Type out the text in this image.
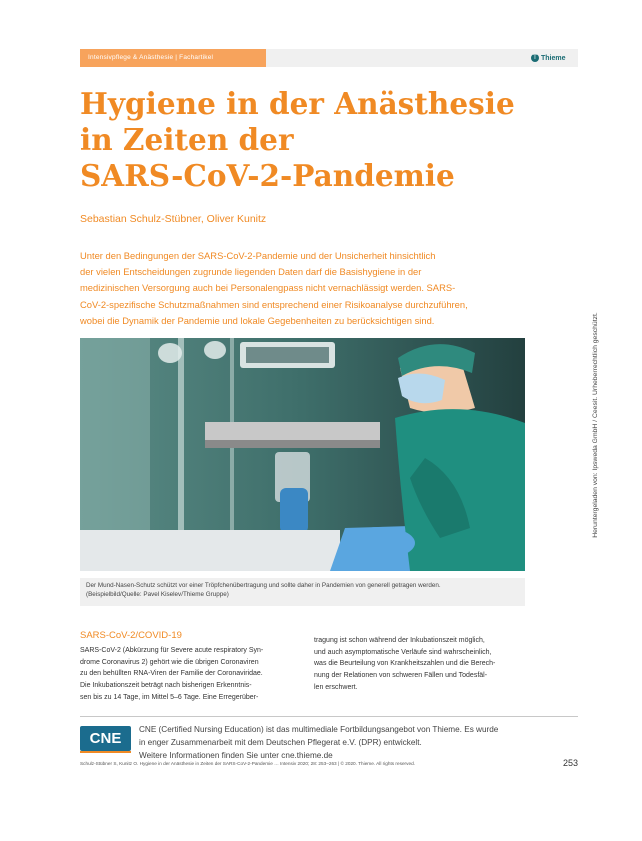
Intensivpflege & Anästhesie | Fachartikel	T Thieme
Hygiene in der Anästhesie
in Zeiten der
SARS-CoV-2-Pandemie
Sebastian Schulz-Stübner, Oliver Kunitz

Unter den Bedingungen der SARS-CoV-2-Pandemie und der Unsicherheit hinsichtlich
der vielen Entscheidungen zugrunde liegenden Daten darf die Basishygiene in der
medizinischen Versorgung auch bei Personalengpass nicht vernachlässigt werden. SARS-
CoV-2-spezifische Schutzmaßnahmen sind entsprechend einer Risikoanalyse durchzuführen,
wobei die Dynamik der Pandemie und lokale Gegebenheiten zu berücksichtigen sind.

Der Mund-Nasen-Schutz schützt vor einer Tröpfchenübertragung und sollte daher in Pandemien von generell getragen werden.
(Beispielbild/Quelle: Pavel Kiselev/Thieme Gruppe)
SARS-CoV-2/COVID-19

SARS-CoV-2 (Abkürzung für Severe acute respiratory Syn-
drome Coronavirus 2) gehört wie die übrigen Coronaviren
zu den behüllten RNA-Viren der Familie der Coronaviridae.
Die Inkubationszeit beträgt nach bisherigen Erkenntnis-
sen bis zu 14 Tage, im Mittel 5–6 Tage. Eine Erregerüber-

tragung ist schon während der Inkubationszeit möglich,
und auch asymptomatische Verläufe sind wahrscheinlich,
was die Beurteilung von Krankheitszahlen und die Berech-
nung der Relationen von schweren Fällen und Todesfäl-
len erschwert.

CNE

CNE (Certified Nursing Education) ist das multimediale Fortbildungsangebot von Thieme. Es wurde
in enger Zusammenarbeit mit dem Deutschen Pflegerat e.V. (DPR) entwickelt.
Weitere Informationen finden Sie unter cne.thieme.de

Schulz-Stübner S, Kunitz O. Hygiene in der Anästhesie in Zeiten der SARS-CoV-2-Pandemie … Intensiv 2020; 28: 253–263 | © 2020. Thieme. All rights reserved.	253
Heruntergeladen von: Ipsweda GmbH / Ceesit. Urheberrechtlich geschützt.
